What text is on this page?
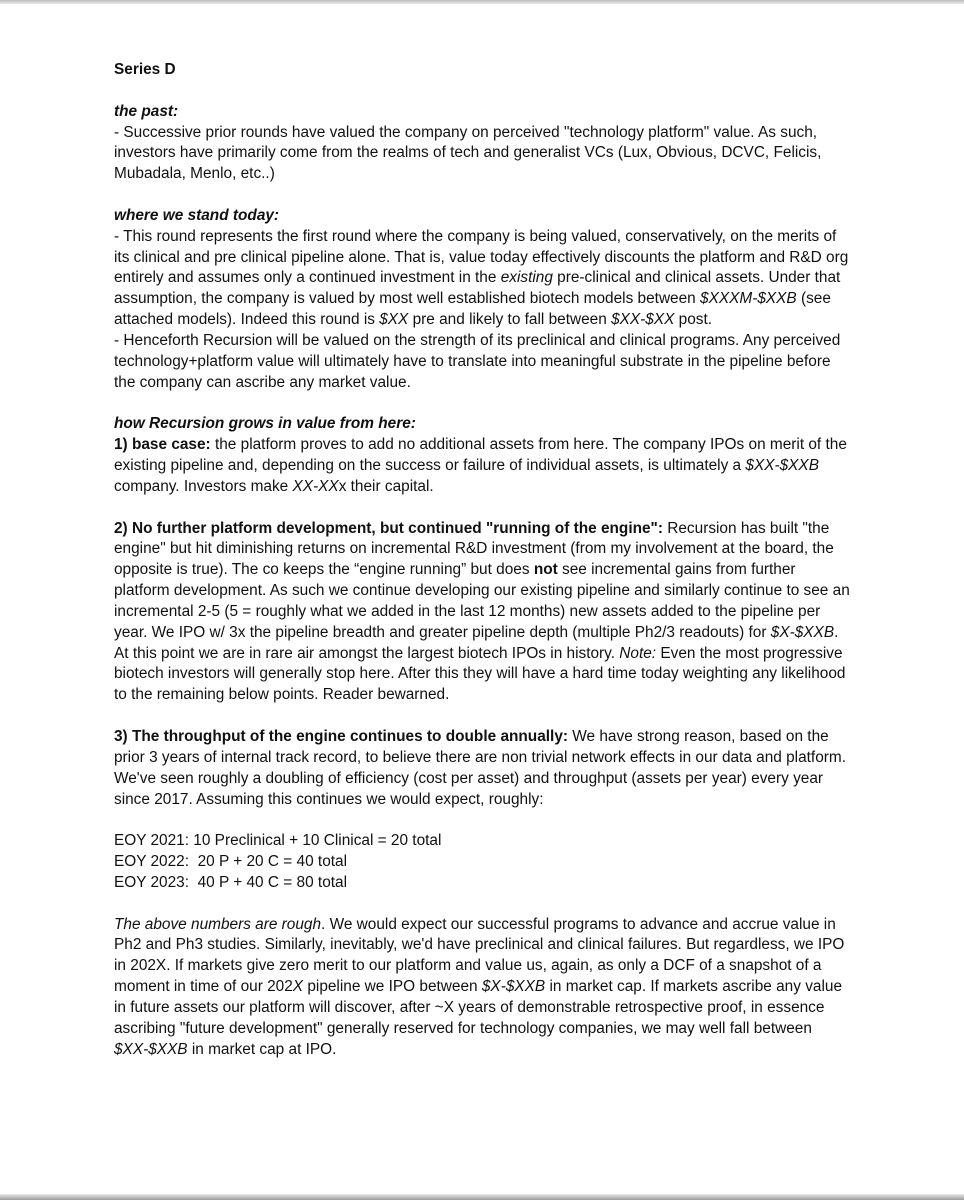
Series D

the past:

- Successive prior rounds have valued the company on perceived "technology platform" value. As such, investors have primarily come from the realms of tech and generalist VCs (Lux, Obvious, DCVC, Felicis, Mubadala, Menlo, etc..)

where we stand today:

- This round represents the first round where the company is being valued, conservatively, on the merits of its clinical and pre clinical pipeline alone. That is, value today effectively discounts the platform and R&D org entirely and assumes only a continued investment in the existing pre-clinical and clinical assets. Under that assumption, the company is valued by most well established biotech models between $XXXM-$XXB (see attached models). Indeed this round is $XX pre and likely to fall between $XX-$XX post.

- Henceforth Recursion will be valued on the strength of its preclinical and clinical programs. Any perceived technology+platform value will ultimately have to translate into meaningful substrate in the pipeline before the company can ascribe any market value.

how Recursion grows in value from here:

1) base case: the platform proves to add no additional assets from here. The company IPOs on merit of the existing pipeline and, depending on the success or failure of individual assets, is ultimately a $XX-$XXB company. Investors make XX-XXx their capital.

2) No further platform development, but continued "running of the engine": Recursion has built "the engine" but hit diminishing returns on incremental R&D investment (from my involvement at the board, the opposite is true). The co keeps the “engine running” but does not see incremental gains from further platform development. As such we continue developing our existing pipeline and similarly continue to see an incremental 2-5 (5 = roughly what we added in the last 12 months) new assets added to the pipeline per year. We IPO w/ 3x the pipeline breadth and greater pipeline depth (multiple Ph2/3 readouts) for $X-$XXB. At this point we are in rare air amongst the largest biotech IPOs in history. Note: Even the most progressive biotech investors will generally stop here. After this they will have a hard time today weighting any likelihood to the remaining below points. Reader bewarned.

3) The throughput of the engine continues to double annually: We have strong reason, based on the prior 3 years of internal track record, to believe there are non trivial network effects in our data and platform. We've seen roughly a doubling of efficiency (cost per asset) and throughput (assets per year) every year since 2017. Assuming this continues we would expect, roughly:

EOY 2021: 10 Preclinical + 10 Clinical = 20 total

EOY 2022:  20 P + 20 C = 40 total

EOY 2023:  40 P + 40 C = 80 total

The above numbers are rough. We would expect our successful programs to advance and accrue value in Ph2 and Ph3 studies. Similarly, inevitably, we'd have preclinical and clinical failures. But regardless, we IPO in 202X. If markets give zero merit to our platform and value us, again, as only a DCF of a snapshot of a moment in time of our 202X pipeline we IPO between $X-$XXB in market cap. If markets ascribe any value in future assets our platform will discover, after ~X years of demonstrable retrospective proof, in essence ascribing "future development" generally reserved for technology companies, we may well fall between $XX-$XXB in market cap at IPO.
